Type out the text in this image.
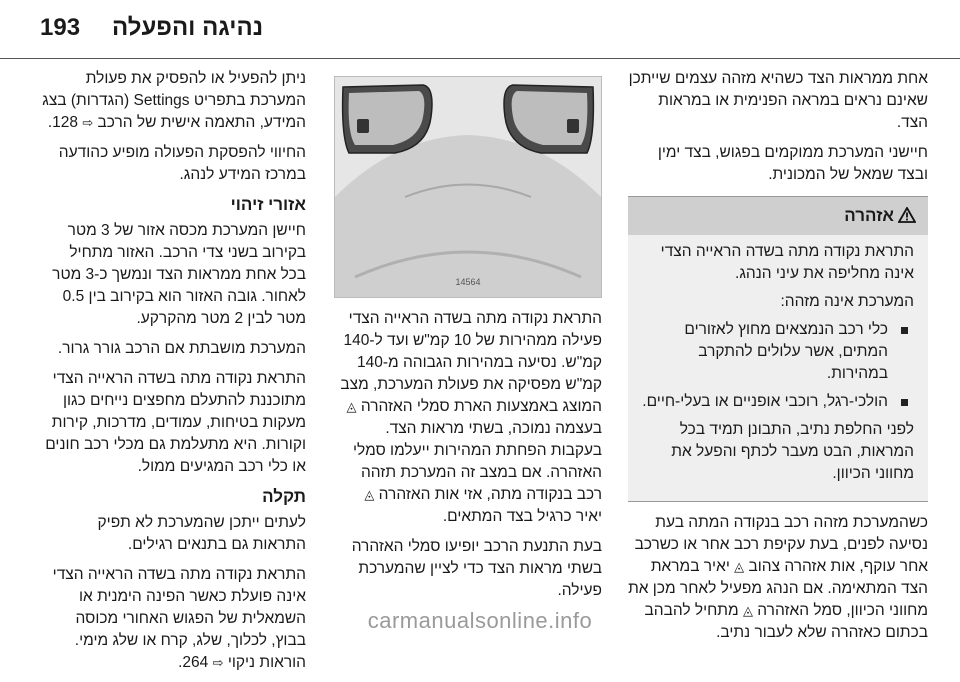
193 נהיגה והפעלה

אחת ממראות הצד כשהיא מזהה עצמים שייתכן שאינם נראים במראה הפנימית או במראות הצד.

חיישני המערכת ממוקמים בפגוש, בצד ימין ובצד שמאל של המכונית.

אזהרה

התראת נקודה מתה בשדה הראייה הצדי אינה מחליפה את עיני הנהג.

המערכת אינה מזהה:

כלי רכב הנמצאים מחוץ לאזורים המתים, אשר עלולים להתקרב במהירות.
הולכי-רגל, רוכבי אופניים או בעלי-חיים.

לפני החלפת נתיב, התבונן תמיד בכל המראות, הבט מעבר לכתף והפעל את מחווני הכיוון.

כשהמערכת מזהה רכב בנקודה המתה בעת נסיעה לפנים, בעת עקיפת רכב אחר או כשרכב אחר עוקף, אות אזהרה צהוב ◬ יאיר במראת הצד המתאימה. אם הנהג מפעיל לאחר מכן את מחווני הכיוון, סמל האזהרה ◬ מתחיל להבהב בכתום כאזהרה שלא לעבור נתיב.

14564

התראת נקודה מתה בשדה הראייה הצדי פעילה ממהירות של 10 קמ"ש ועד ל-140 קמ"ש. נסיעה במהירות הגבוהה מ-140 קמ"ש מפסיקה את פעולת המערכת, מצב המוצג באמצעות הארת סמלי האזהרה ◬ בעצמה נמוכה, בשתי מראות הצד. בעקבות הפחתת המהירות ייעלמו סמלי האזהרה. אם במצב זה המערכת תזהה רכב בנקודה מתה, אזי אות האזהרה ◬ יאיר כרגיל בצד המתאים.

בעת התנעת הרכב יופיעו סמלי האזהרה בשתי מראות הצד כדי לציין שהמערכת פעילה.

ניתן להפעיל או להפסיק את פעולת המערכת בתפריט Settings (הגדרות) בצג המידע, התאמה אישית של הרכב ⇨ 128.

החיווי להפסקת הפעולה מופיע כהודעה במרכז המידע לנהג.

אזורי זיהוי

חיישן המערכת מכסה אזור של 3 מטר בקירוב בשני צדי הרכב. האזור מתחיל בכל אחת ממראות הצד ונמשך כ-3 מטר לאחור. גובה האזור הוא בקירוב בין 0.5 מטר לבין 2 מטר מהקרקע.

המערכת מושבתת אם הרכב גורר גרור.

התראת נקודה מתה בשדה הראייה הצדי מתוכננת להתעלם מחפצים נייחים כגון מעקות בטיחות, עמודים, מדרכות, קירות וקורות. היא מתעלמת גם מכלי רכב חונים או כלי רכב המגיעים ממול.

תקלה

לעתים ייתכן שהמערכת לא תפיק התראות גם בתנאים רגילים.

התראת נקודה מתה בשדה הראייה הצדי אינה פועלת כאשר הפינה הימנית או השמאלית של הפגוש האחורי מכוסה בבוץ, לכלוך, שלג, קרח או שלג מימי. הוראות ניקוי ⇨ 264.

carmanualsonline.info
